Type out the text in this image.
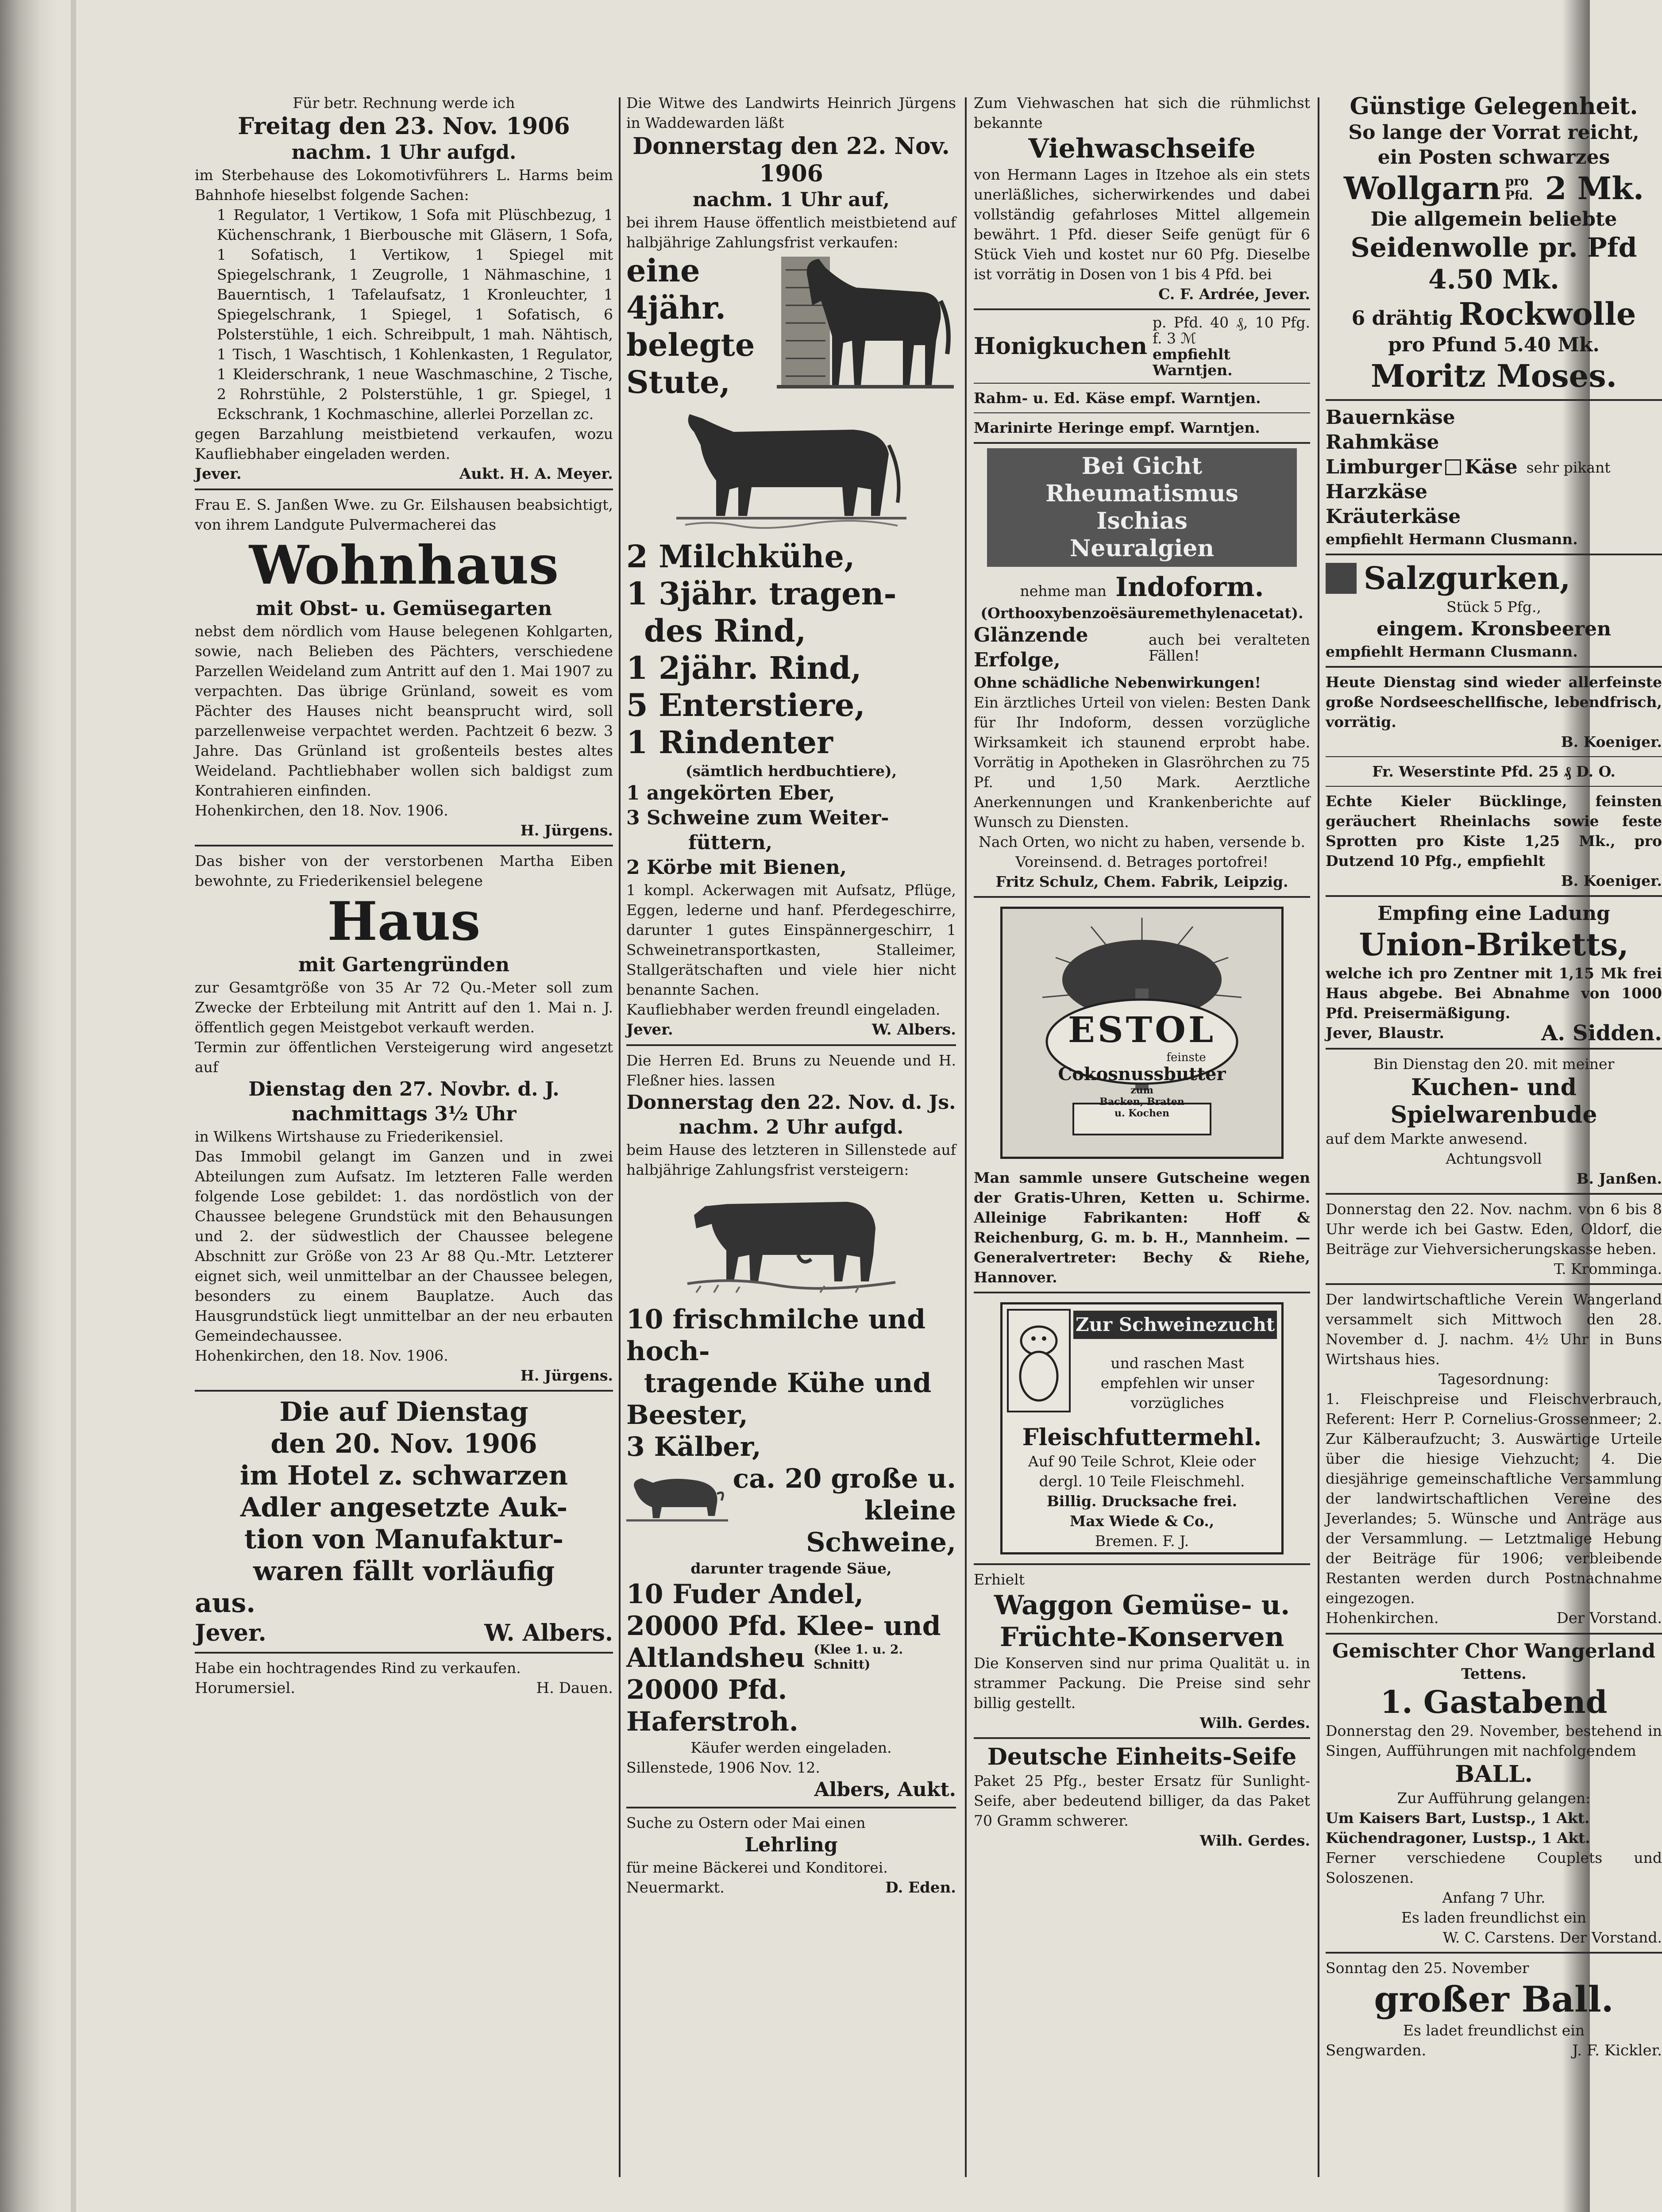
Für betr. Rechnung werde ich

Freitag den 23. Nov. 1906

nachm. 1 Uhr aufgd.

im Sterbehause des Lokomotivführers L. Harms beim Bahnhofe hieselbst folgende Sachen:

1 Regulator, 1 Vertikow, 1 Sofa mit Plüschbezug, 1 Küchenschrank, 1 Bierbousche mit Gläsern, 1 Sofa, 1 Sofatisch, 1 Vertikow, 1 Spiegel mit Spiegelschrank, 1 Zeugrolle, 1 Nähmaschine, 1 Bauerntisch, 1 Tafelaufsatz, 1 Kronleuchter, 1 Spiegelschrank, 1 Spiegel, 1 Sofatisch, 6 Polsterstühle, 1 eich. Schreibpult, 1 mah. Nähtisch, 1 Tisch, 1 Waschtisch, 1 Kohlenkasten, 1 Regulator, 1 Kleiderschrank, 1 neue Waschmaschine, 2 Tische, 2 Rohrstühle, 2 Polsterstühle, 1 gr. Spiegel, 1 Eckschrank, 1 Kochmaschine, allerlei Porzellan zc.

gegen Barzahlung meistbietend verkaufen, wozu Kaufliebhaber eingeladen werden.

Jever.	Aukt. H. A. Meyer.

Frau E. S. Janßen Wwe. zu Gr. Eilshausen beabsichtigt, von ihrem Landgute Pulvermacherei das

Wohnhaus

mit Obst- u. Gemüsegarten

nebst dem nördlich vom Hause belegenen Kohlgarten, sowie, nach Belieben des Pächters, verschiedene Parzellen Weideland zum Antritt auf den 1. Mai 1907 zu verpachten. Das übrige Grünland, soweit es vom Pächter des Hauses nicht beansprucht wird, soll parzellenweise verpachtet werden. Pachtzeit 6 bezw. 3 Jahre. Das Grünland ist großenteils bestes altes Weideland. Pachtliebhaber wollen sich baldigst zum Kontrahieren einfinden.

Hohenkirchen, den 18. Nov. 1906.

H. Jürgens.

Das bisher von der verstorbenen Martha Eiben bewohnte, zu Friederikensiel belegene

Haus

mit Gartengründen

zur Gesamtgröße von 35 Ar 72 Qu.-Meter soll zum Zwecke der Erbteilung mit Antritt auf den 1. Mai n. J. öffentlich gegen Meistgebot verkauft werden.

Termin zur öffentlichen Versteigerung wird angesetzt auf

Dienstag den 27. Novbr. d. J. nachmittags 3½ Uhr

in Wilkens Wirtshause zu Friederikensiel.

Das Immobil gelangt im Ganzen und in zwei Abteilungen zum Aufsatz. Im letzteren Falle werden folgende Lose gebildet: 1. das nordöstlich von der Chaussee belegene Grundstück mit den Behausungen und 2. der südwestlich der Chaussee belegene Abschnitt zur Größe von 23 Ar 88 Qu.-Mtr. Letzterer eignet sich, weil unmittelbar an der Chaussee belegen, besonders zu einem Bauplatze. Auch das Hausgrundstück liegt unmittelbar an der neu erbauten Gemeindechaussee.

Hohenkirchen, den 18. Nov. 1906.

H. Jürgens.

Die auf Dienstag

den 20. Nov. 1906

im Hotel z. schwarzen

Adler angesetzte Auk-

tion von Manufaktur-

waren fällt vorläufig

aus.

Jever.	W. Albers.

Habe ein hochtragendes Rind zu verkaufen.

Horumersiel.	H. Dauen.

Die Witwe des Landwirts Heinrich Jürgens in Waddewarden läßt

Donnerstag den 22. Nov. 1906

nachm. 1 Uhr auf,

bei ihrem Hause öffentlich meistbietend auf halbjährige Zahlungsfrist verkaufen:

eine

4jähr.

belegte

Stute,

2 Milchkühe,

1 3jähr. tragen-

des Rind,

1 2jähr. Rind,

5 Enterstiere,

1 Rindenter

(sämtlich herdbuchtiere),

1 angekörten Eber,

3 Schweine zum Weiter-

füttern,

2 Körbe mit Bienen,

1 kompl. Ackerwagen mit Aufsatz, Pflüge, Eggen, lederne und hanf. Pferdegeschirre, darunter 1 gutes Einspännergeschirr, 1 Schweinetransportkasten, Stalleimer, Stallgerätschaften und viele hier nicht benannte Sachen.

Kaufliebhaber werden freundl eingeladen.

Jever.	W. Albers.

Die Herren Ed. Bruns zu Neuende und H. Fleßner hies. lassen

Donnerstag den 22. Nov. d. Js.

nachm. 2 Uhr aufgd.

beim Hause des letzteren in Sillenstede auf halbjährige Zahlungsfrist versteigern:

10 frischmilche und hoch-

tragende Kühe und

Beester,

3 Kälber,

ca. 20 große u.

kleine Schweine,

darunter tragende Säue,

10 Fuder Andel,

20000 Pfd. Klee- und

Altlandsheu (Klee 1. u. 2. Schnitt)

20000 Pfd. Haferstroh.

Käufer werden eingeladen.

Sillenstede, 1906 Nov. 12.

Albers, Aukt.

Suche zu Ostern oder Mai einen

Lehrling

für meine Bäckerei und Konditorei.

Neuermarkt.	D. Eden.

Zum Viehwaschen hat sich die rühmlichst bekannte

Viehwaschseife

von Hermann Lages in Itzehoe als ein stets unerläßliches, sicherwirkendes und dabei vollständig gefahrloses Mittel allgemein bewährt. 1 Pfd. dieser Seife genügt für 6 Stück Vieh und kostet nur 60 Pfg. Dieselbe ist vorrätig in Dosen von 1 bis 4 Pfd. bei

C. F. Ardrée, Jever.

Honigkuchen

p. Pfd. 40 ₰, 10 Pfg. f. 3 ℳ

empfiehlt Warntjen.

Rahm- u. Ed. Käse empf. Warntjen.

Marinirte Heringe empf. Warntjen.

Bei Gicht

Rheumatismus

Ischias

Neuralgien

nehme man Indoform.

(Orthooxybenzoësäuremethylenacetat).

Glänzende Erfolge,

auch bei veralteten Fällen!

Ohne schädliche Nebenwirkungen!

Ein ärztliches Urteil von vielen: Besten Dank für Ihr Indoform, dessen vorzügliche Wirksamkeit ich staunend erprobt habe. Vorrätig in Apotheken in Glasröhrchen zu 75 Pf. und 1,50 Mark. Aerztliche Anerkennungen und Krankenberichte auf Wunsch zu Diensten.

Nach Orten, wo nicht zu haben, versende b. Voreinsend. d. Betrages portofrei!

Fritz Schulz, Chem. Fabrik, Leipzig.

ESTOL

feinste

Cokosnussbutter

zum

Backen, Braten

u. Kochen

Man sammle unsere Gutscheine wegen der Gratis-Uhren, Ketten u. Schirme. Alleinige Fabrikanten: Hoff & Reichenburg, G. m. b. H., Mannheim. — Generalvertreter: Bechy & Riehe, Hannover.

Zur Schweinezucht

und raschen Mast empfehlen wir unser vorzügliches

Fleischfuttermehl.

Auf 90 Teile Schrot, Kleie oder dergl. 10 Teile Fleischmehl.

Billig. Drucksache frei.

Max Wiede & Co.,

Bremen. F. J.

Erhielt

Waggon Gemüse- u.

Früchte-Konserven

Die Konserven sind nur prima Qualität u. in strammer Packung. Die Preise sind sehr billig gestellt.

Wilh. Gerdes.

Deutsche Einheits-Seife

Paket 25 Pfg., bester Ersatz für Sunlight-Seife, aber bedeutend billiger, da das Paket 70 Gramm schwerer.

Wilh. Gerdes.

Günstige Gelegenheit.

So lange der Vorrat reicht,

ein Posten schwarzes

Wollgarn pro Pfd. 2 Mk.

Die allgemein beliebte

Seidenwolle pr. Pfd 4.50 Mk.

6 drähtig Rockwolle

pro Pfund 5.40 Mk.

Moritz Moses.

Bauernkäse

Rahmkäse

Limburger Käse

Harzkäse

Kräuterkäse

sehr pikant

empfiehlt Hermann Clusmann.

Salzgurken,

Stück 5 Pfg.,

eingem. Kronsbeeren

empfiehlt Hermann Clusmann.

Heute Dienstag sind wieder allerfeinste große Nordseeschellfische, lebendfrisch, vorrätig.

B. Koeniger.

Fr. Weserstinte Pfd. 25 ₰ D. O.

Echte Kieler Bücklinge, feinsten geräuchert Rheinlachs sowie feste Sprotten pro Kiste 1,25 Mk., pro Dutzend 10 Pfg., empfiehlt

B. Koeniger.

Empfing eine Ladung

Union-Briketts,

welche ich pro Zentner mit 1,15 Mk frei Haus abgebe. Bei Abnahme von 1000 Pfd. Preisermäßigung.

Jever, Blaustr.	A. Sidden.

Bin Dienstag den 20. mit meiner

Kuchen- und Spielwarenbude

auf dem Markte anwesend.

Achtungsvoll

B. Janßen.

Donnerstag den 22. Nov. nachm. von 6 bis 8 Uhr werde ich bei Gastw. Eden, Oldorf, die Beiträge zur Viehversicherungskasse heben.

T. Kromminga.

Der landwirtschaftliche Verein Wangerland versammelt sich Mittwoch den 28. November d. J. nachm. 4½ Uhr in Buns Wirtshaus hies.

Tagesordnung:

1. Fleischpreise und Fleischverbrauch, Referent: Herr P. Cornelius-Grossenmeer; 2. Zur Kälberaufzucht; 3. Auswärtige Urteile über die hiesige Viehzucht; 4. Die diesjährige gemeinschaftliche Versammlung der landwirtschaftlichen Vereine des Jeverlandes; 5. Wünsche und Anträge aus der Versammlung. — Letztmalige Hebung der Beiträge für 1906; verbleibende Restanten werden durch Postnachnahme eingezogen.

Hohenkirchen.	Der Vorstand.

Gemischter Chor Wangerland

Tettens.

1. Gastabend

Donnerstag den 29. November, bestehend in Singen, Aufführungen mit nachfolgendem

BALL.

Zur Aufführung gelangen:

Um Kaisers Bart, Lustsp., 1 Akt.

Küchendragoner, Lustsp., 1 Akt.

Ferner verschiedene Couplets und Soloszenen.

Anfang 7 Uhr.

Es laden freundlichst ein

W. C. Carstens. Der Vorstand.

Sonntag den 25. November

großer Ball.

Es ladet freundlichst ein

Sengwarden.	J. F. Kickler.
